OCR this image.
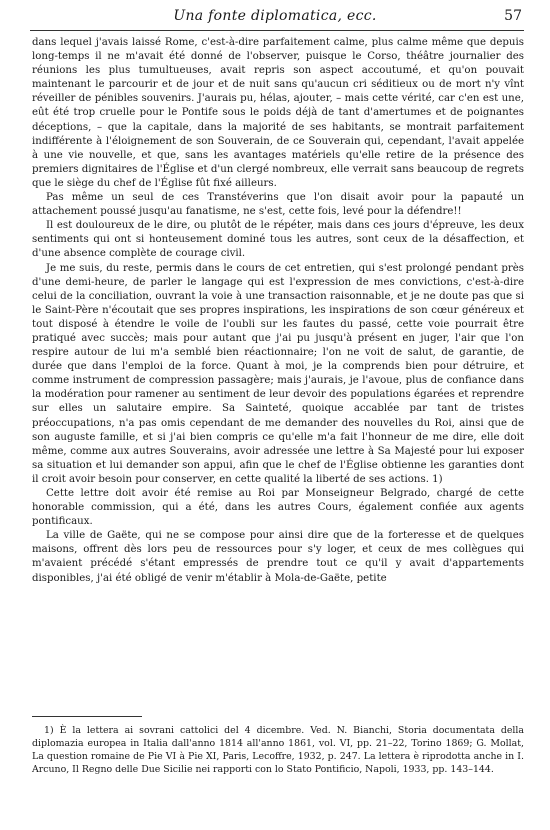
Una fonte diplomatica, ecc.	57

dans lequel j'avais laissé Rome, c'est-à-dire parfaitement calme, plus calme même que depuis long-temps il ne m'avait été donné de l'observer, puisque le Corso, théâtre journalier des réunions les plus tumultueuses, avait repris son aspect accoutumé, et qu'on pouvait maintenant le parcourir et de jour et de nuit sans qu'aucun cri séditieux ou de mort n'y vînt réveiller de pénibles souvenirs. J'aurais pu, hélas, ajouter, – mais cette vérité, car c'en est une, eût été trop cruelle pour le Pontife sous le poids déjà de tant d'amertumes et de poignantes déceptions, – que la capitale, dans la majorité de ses habitants, se montrait parfaitement indifférente à l'éloignement de son Souverain, de ce Souverain qui, cependant, l'avait appelée à une vie nouvelle, et que, sans les avantages matériels qu'elle retire de la présence des premiers dignitaires de l'Église et d'un clergé nombreux, elle verrait sans beaucoup de regrets que le siège du chef de l'Église fût fixé ailleurs.

Pas même un seul de ces Transtéverins que l'on disait avoir pour la papauté un attachement poussé jusqu'au fanatisme, ne s'est, cette fois, levé pour la défendre!!

Il est douloureux de le dire, ou plutôt de le répéter, mais dans ces jours d'épreuve, les deux sentiments qui ont si honteusement dominé tous les autres, sont ceux de la désaffection, et d'une absence complète de courage civil.

Je me suis, du reste, permis dans le cours de cet entretien, qui s'est prolongé pendant près d'une demi-heure, de parler le langage qui est l'expression de mes convictions, c'est-à-dire celui de la conciliation, ouvrant la voie à une transaction raisonnable, et je ne doute pas que si le Saint-Père n'écoutait que ses propres inspirations, les inspirations de son cœur généreux et tout disposé à étendre le voile de l'oubli sur les fautes du passé, cette voie pourrait être pratiqué avec succès; mais pour autant que j'ai pu jusqu'à présent en juger, l'air que l'on respire autour de lui m'a semblé bien réactionnaire; l'on ne voit de salut, de garantie, de durée que dans l'emploi de la force. Quant à moi, je la comprends bien pour détruire, et comme instrument de compression passagère; mais j'aurais, je l'avoue, plus de confiance dans la modération pour ramener au sentiment de leur devoir des populations égarées et reprendre sur elles un salutaire empire. Sa Sainteté, quoique accablée par tant de tristes préoccupations, n'a pas omis cependant de me demander des nouvelles du Roi, ainsi que de son auguste famille, et si j'ai bien compris ce qu'elle m'a fait l'honneur de me dire, elle doit même, comme aux autres Souverains, avoir adressée une lettre à Sa Majesté pour lui exposer sa situation et lui demander son appui, afin que le chef de l'Église obtienne les garanties dont il croit avoir besoin pour conserver, en cette qualité la liberté de ses actions. 1)

Cette lettre doit avoir été remise au Roi par Monseigneur Belgrado, chargé de cette honorable commission, qui a été, dans les autres Cours, également confiée aux agents pontificaux.

La ville de Gaëte, qui ne se compose pour ainsi dire que de la forteresse et de quelques maisons, offrent dès lors peu de ressources pour s'y loger, et ceux de mes collègues qui m'avaient précédé s'étant empressés de prendre tout ce qu'il y avait d'appartements disponibles, j'ai été obligé de venir m'établir à Mola-de-Gaëte, petite

1) È la lettera ai sovrani cattolici del 4 dicembre. Ved. N. Bianchi, Storia documentata della diplomazia europea in Italia dall'anno 1814 all'anno 1861, vol. VI, pp. 21–22, Torino 1869; G. Mollat, La question romaine de Pie VI à Pie XI, Paris, Lecoffre, 1932, p. 247. La lettera è riprodotta anche in I. Arcuno, Il Regno delle Due Sicilie nei rapporti con lo Stato Pontificio, Napoli, 1933, pp. 143–144.
